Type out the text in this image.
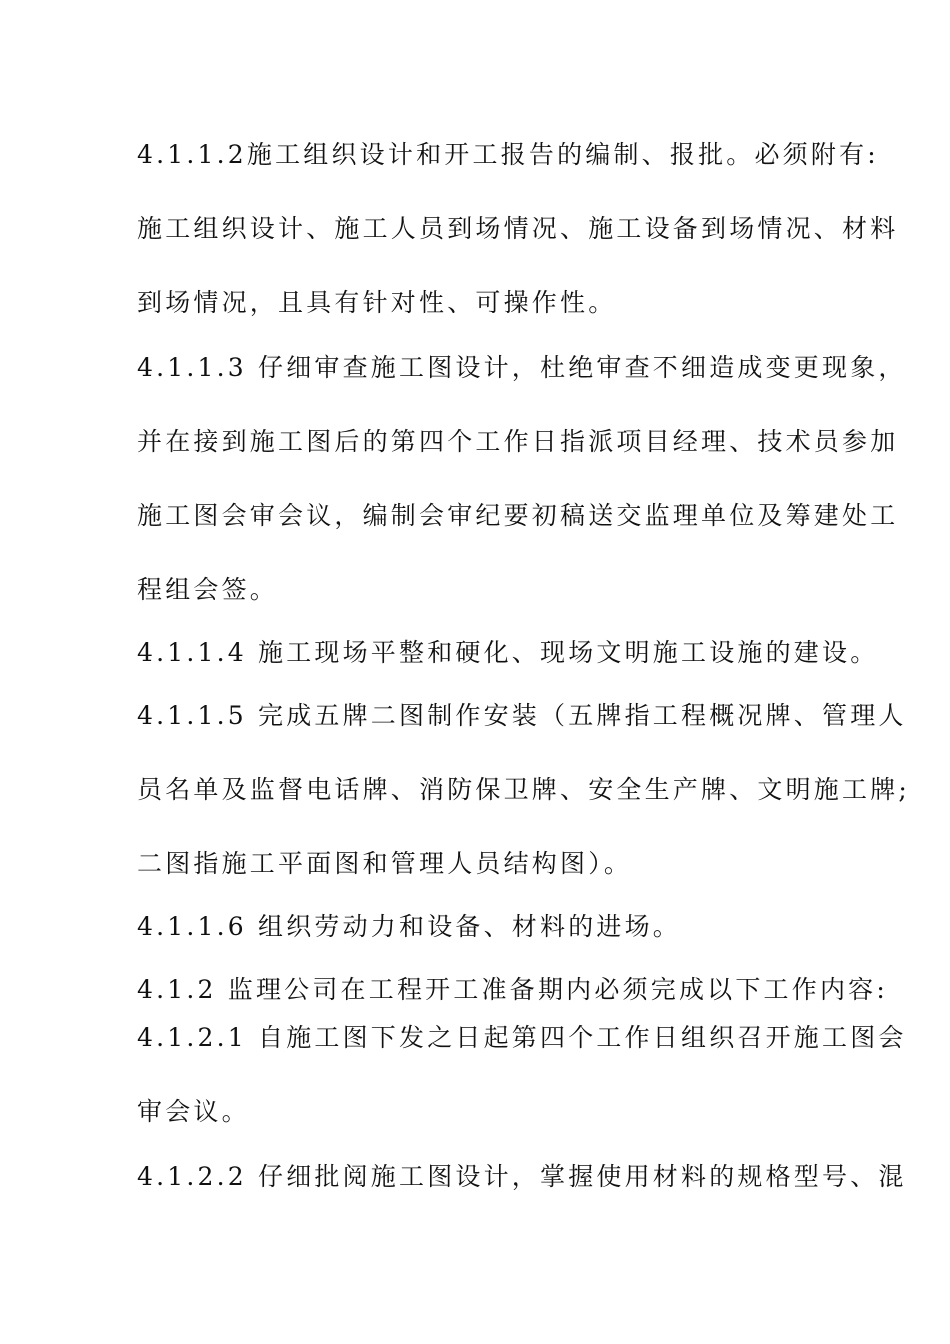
4.1.1.2施工组织设计和开工报告的编制、报批。必须附有:
施工组织设计、施工人员到场情况、施工设备到场情况、材料
到场情况，且具有针对性、可操作性。
4.1.1.3 仔细审查施工图设计，杜绝审查不细造成变更现象，
并在接到施工图后的第四个工作日指派项目经理、技术员参加
施工图会审会议，编制会审纪要初稿送交监理单位及筹建处工
程组会签。
4.1.1.4 施工现场平整和硬化、现场文明施工设施的建设。
4.1.1.5 完成五牌二图制作安装（五牌指工程概况牌、管理人
员名单及监督电话牌、消防保卫牌、安全生产牌、文明施工牌;
二图指施工平面图和管理人员结构图）。
4.1.1.6 组织劳动力和设备、材料的进场。
4.1.2 监理公司在工程开工准备期内必须完成以下工作内容:
4.1.2.1 自施工图下发之日起第四个工作日组织召开施工图会
审会议。
4.1.2.2 仔细批阅施工图设计，掌握使用材料的规格型号、混
